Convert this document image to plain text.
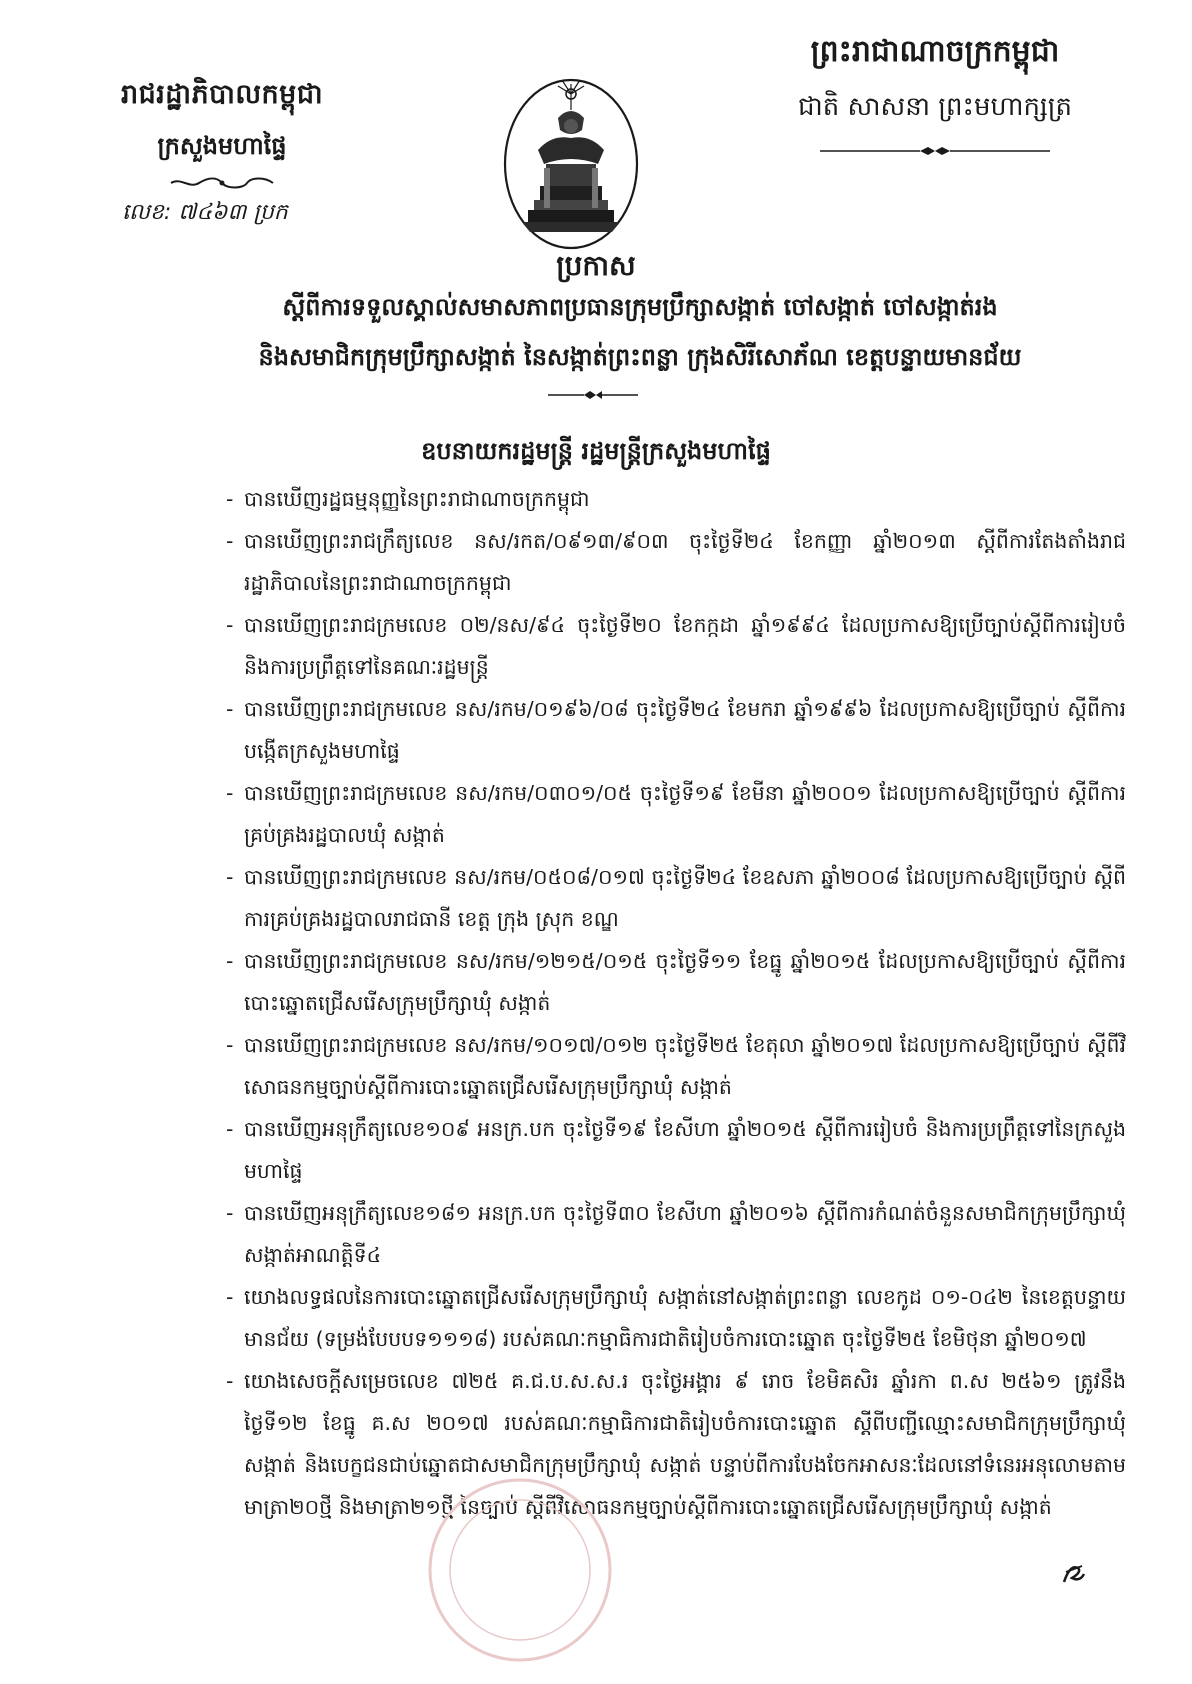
រាជរដ្ឋាភិបាលកម្ពុជា
ក្រសួងមហាផ្ទៃ
លេខ: ៧៤៦៣ ប្រក
ព្រះរាជាណាចក្រកម្ពុជា
ជាតិ សាសនា ព្រះមហាក្សត្រ
ប្រកាស
ស្តីពីការទទួលស្គាល់សមាសភាពប្រធានក្រុមប្រឹក្សាសង្កាត់ ចៅសង្កាត់ ចៅសង្កាត់រង
និងសមាជិកក្រុមប្រឹក្សាសង្កាត់ នៃសង្កាត់ព្រះពន្លា ក្រុងសិរីសោភ័ណ ខេត្តបន្ទាយមានជ័យ
ឧបនាយករដ្ឋមន្ត្រី រដ្ឋមន្ត្រីក្រសួងមហាផ្ទៃ
- បានឃើញរដ្ឋធម្មនុញ្ញនៃព្រះរាជាណាចក្រកម្ពុជា
- បានឃើញព្រះរាជក្រឹត្យលេខ នស/រកត/០៩១៣/៩០៣ ចុះថ្ងៃទី២៤ ខែកញ្ញា ឆ្នាំ២០១៣ ស្តីពីការតែងតាំងរាជរដ្ឋាភិបាលនៃព្រះរាជាណាចក្រកម្ពុជា
- បានឃើញព្រះរាជក្រមលេខ ០២/នស/៩៤ ចុះថ្ងៃទី២០ ខែកក្កដា ឆ្នាំ១៩៩៤ ដែលប្រកាសឱ្យប្រើច្បាប់ស្តីពីការរៀបចំ និងការប្រព្រឹត្តទៅនៃគណៈរដ្ឋមន្ត្រី
- បានឃើញព្រះរាជក្រមលេខ នស/រកម/០១៩៦/០៨ ចុះថ្ងៃទី២៤ ខែមករា ឆ្នាំ១៩៩៦ ដែលប្រកាសឱ្យប្រើច្បាប់ ស្តីពីការបង្កើតក្រសួងមហាផ្ទៃ
- បានឃើញព្រះរាជក្រមលេខ នស/រកម/០៣០១/០៥ ចុះថ្ងៃទី១៩ ខែមីនា ឆ្នាំ២០០១ ដែលប្រកាសឱ្យប្រើច្បាប់ ស្តីពីការគ្រប់គ្រងរដ្ឋបាលឃុំ សង្កាត់
- បានឃើញព្រះរាជក្រមលេខ នស/រកម/០៥០៨/០១៧ ចុះថ្ងៃទី២៤ ខែឧសភា ឆ្នាំ២០០៨ ដែលប្រកាសឱ្យប្រើច្បាប់ ស្តីពីការគ្រប់គ្រងរដ្ឋបាលរាជធានី ខេត្ត ក្រុង ស្រុក ខណ្ឌ
- បានឃើញព្រះរាជក្រមលេខ នស/រកម/១២១៥/០១៥ ចុះថ្ងៃទី១១ ខែធ្នូ ឆ្នាំ២០១៥ ដែលប្រកាសឱ្យប្រើច្បាប់ ស្តីពីការបោះឆ្នោតជ្រើសរើសក្រុមប្រឹក្សាឃុំ សង្កាត់
- បានឃើញព្រះរាជក្រមលេខ នស/រកម/១០១៧/០១២ ចុះថ្ងៃទី២៥ ខែតុលា ឆ្នាំ២០១៧ ដែលប្រកាសឱ្យប្រើច្បាប់ ស្តីពីវិសោធនកម្មច្បាប់ស្តីពីការបោះឆ្នោតជ្រើសរើសក្រុមប្រឹក្សាឃុំ សង្កាត់
- បានឃើញអនុក្រឹត្យលេខ១០៩ អនក្រ.បក ចុះថ្ងៃទី១៩ ខែសីហា ឆ្នាំ២០១៥ ស្តីពីការរៀបចំ និងការប្រព្រឹត្តទៅនៃក្រសួងមហាផ្ទៃ
- បានឃើញអនុក្រឹត្យលេខ១៨១ អនក្រ.បក ចុះថ្ងៃទី៣០ ខែសីហា ឆ្នាំ២០១៦ ស្តីពីការកំណត់ចំនួនសមាជិកក្រុមប្រឹក្សាឃុំ សង្កាត់អាណត្តិទី៤
- យោងលទ្ធផលនៃការបោះឆ្នោតជ្រើសរើសក្រុមប្រឹក្សាឃុំ សង្កាត់នៅសង្កាត់ព្រះពន្លា លេខកូដ ០១-០៤២ នៃខេត្តបន្ទាយមានជ័យ (ទម្រង់បែបបទ១១១៨) របស់គណៈកម្មាធិការជាតិរៀបចំការបោះឆ្នោត ចុះថ្ងៃទី២៥ ខែមិថុនា ឆ្នាំ២០១៧
- យោងសេចក្តីសម្រេចលេខ ៧២៥ គ.ជ.ប.ស.ស.រ ចុះថ្ងៃអង្គារ ៩ រោច ខែមិគសិរ ឆ្នាំរកា ព.ស ២៥៦១ ត្រូវនឹងថ្ងៃទី១២ ខែធ្នូ គ.ស ២០១៧ របស់គណៈកម្មាធិការជាតិរៀបចំការបោះឆ្នោត ស្តីពីបញ្ជីឈ្មោះសមាជិកក្រុមប្រឹក្សាឃុំ សង្កាត់ និងបេក្ខជនជាប់ឆ្នោតជាសមាជិកក្រុមប្រឹក្សាឃុំ សង្កាត់ បន្ទាប់ពីការបែងចែកអាសនៈដែលនៅទំនេរអនុលោមតាមមាត្រា២០ថ្មី និងមាត្រា២១ថ្មី នៃច្បាប់ ស្តីពីវិសោធនកម្មច្បាប់ស្តីពីការបោះឆ្នោតជ្រើសរើសក្រុមប្រឹក្សាឃុំ សង្កាត់
